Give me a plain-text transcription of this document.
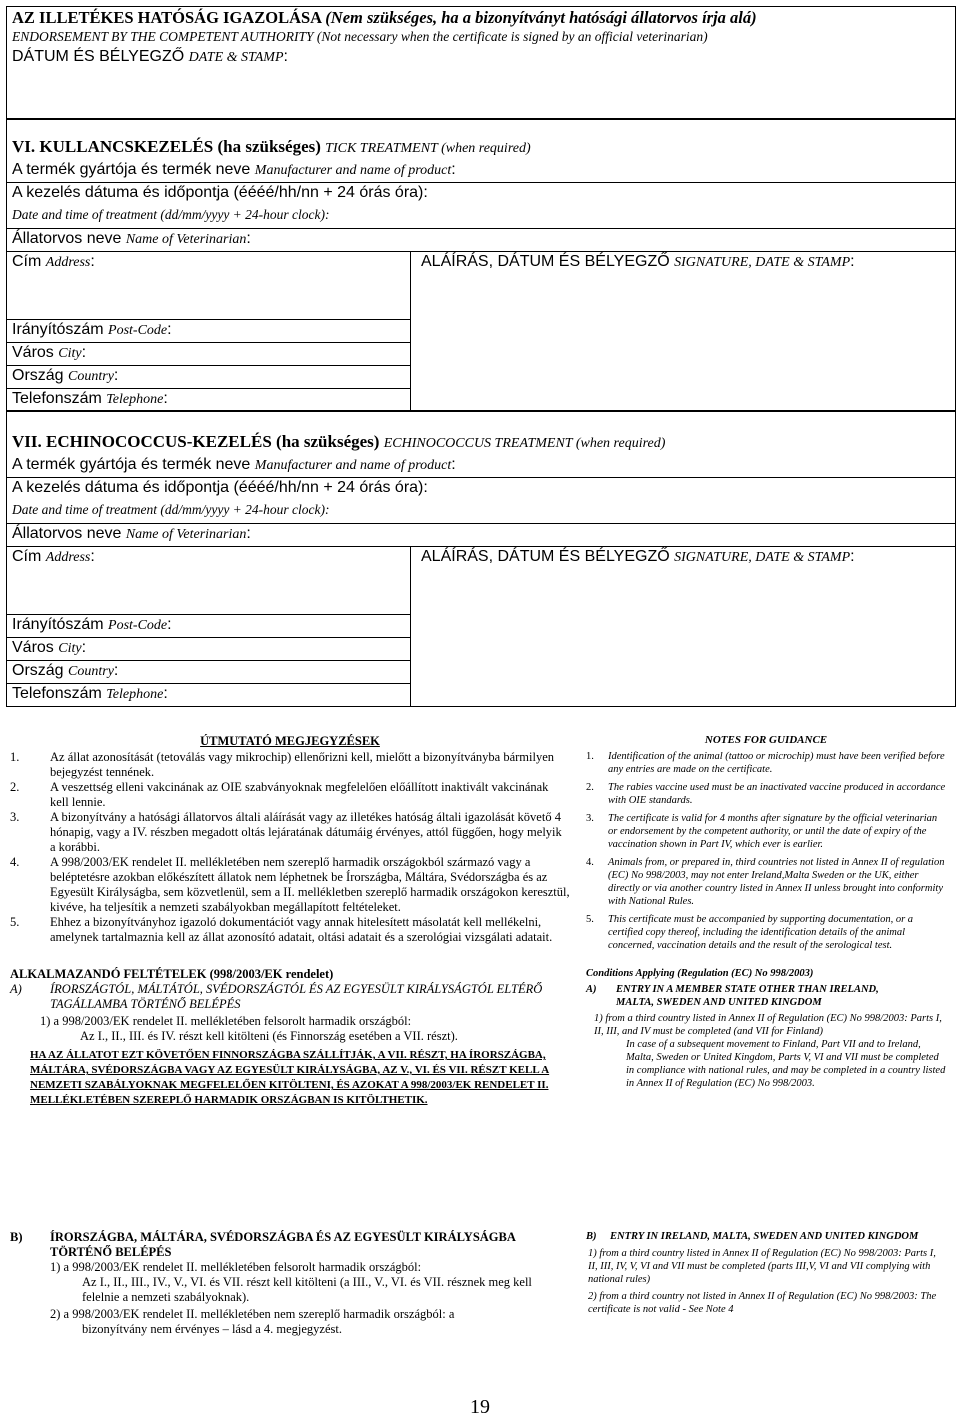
AZ ILLETÉKES HATÓSÁG IGAZOLÁSA (Nem szükséges, ha a bizonyítványt hatósági állatorvos írja alá)
ENDORSEMENT BY THE COMPETENT AUTHORITY (Not necessary when the certificate is signed by an official veterinarian)
DÁTUM ÉS BÉLYEGZŐ DATE & STAMP:
VI. KULLANCSKEZELÉS (ha szükséges) TICK TREATMENT (when required)
A termék gyártója és termék neve Manufacturer and name of product:
A kezelés dátuma és időpontja (éééé/hh/nn + 24 órás óra):
Date and time of treatment (dd/mm/yyyy + 24-hour clock):
Állatorvos neve Name of Veterinarian:
Cím Address:	ALÁÍRÁS, DÁTUM ÉS BÉLYEGZŐ SIGNATURE, DATE & STAMP:
Irányítószám Post-Code:
Város City:
Ország Country:
Telefonszám Telephone:
VII. ECHINOCOCCUS-KEZELÉS (ha szükséges) ECHINOCOCCUS TREATMENT (when required)
A termék gyártója és termék neve Manufacturer and name of product:
A kezelés dátuma és időpontja (éééé/hh/nn + 24 órás óra):
Date and time of treatment (dd/mm/yyyy + 24-hour clock):
Állatorvos neve Name of Veterinarian:
Cím Address:	ALÁÍRÁS, DÁTUM ÉS BÉLYEGZŐ SIGNATURE, DATE & STAMP:
Irányítószám Post-Code:
Város City:
Ország Country:
Telefonszám Telephone:
ÚTMUTATÓ MEGJEGYZÉSEK
1.	Az állat azonosítását (tetoválás vagy mikrochip) ellenőrizni kell, mielőtt a bizonyítványba bármilyen bejegyzést tennének.
2.	A veszettség elleni vakcinának az OIE szabványoknak megfelelően előállított inaktivált vakcinának kell lennie.
3.	A bizonyítvány a hatósági állatorvos általi aláírását vagy az illetékes hatóság általi igazolását követő 4 hónapig, vagy a IV. részben megadott oltás lejáratának dátumáig érvényes, attól függően, hogy melyik a korábbi.
4.	A 998/2003/EK rendelet II. mellékletében nem szereplő harmadik országokból származó vagy a beléptetésre azokban előkészített állatok nem léphetnek be Írországba, Máltára, Svédországba és az Egyesült Királyságba, sem közvetlenül, sem a II. mellékletben szereplő harmadik országokon keresztül, kivéve, ha teljesítik a nemzeti szabályokban megállapított feltételeket.
5.	Ehhez a bizonyítványhoz igazoló dokumentációt vagy annak hitelesített másolatát kell mellékelni, amelynek tartalmaznia kell az állat azonosító adatait, oltási adatait és a szerológiai vizsgálati adatait.
NOTES FOR GUIDANCE
1.	Identification of the animal (tattoo or microchip) must have been verified before any entries are made on the certificate.
2.	The rabies vaccine used must be an inactivated vaccine produced in accordance with OIE standards.
3.	The certificate is valid for 4 months after signature by the official veterinarian or endorsement by the competent authority, or until the date of expiry of the vaccination shown in Part IV, which ever is earlier.
4.	Animals from, or prepared in, third countries not listed in Annex II of regulation (EC) No 998/2003, may not enter Ireland,Malta Sweden or the UK, either directly or via another country listed in Annex II unless brought into conformity with National Rules.
5.	This certificate must be accompanied by supporting documentation, or a certified copy thereof, including the identification details of the animal concerned, vaccination details and the result of the serological test.
ALKALMAZANDÓ FELTÉTELEK (998/2003/EK rendelet)
A)	ÍRORSZÁGTÓL, MÁLTÁTÓL, SVÉDORSZÁGTÓL ÉS AZ EGYESÜLT KIRÁLYSÁGTÓL ELTÉRŐ TAGÁLLAMBA TÖRTÉNŐ BELÉPÉS
1) a 998/2003/EK rendelet II. mellékletében felsorolt harmadik országból:
Az I., II., III. és IV. részt kell kitölteni (és Finnország esetében a VII. részt).
HA AZ ÁLLATOT EZT KÖVETŐEN FINNORSZÁGBA SZÁLLÍTJÁK, A VII. RÉSZT, HA ÍRORSZÁGBA, MÁLTÁRA, SVÉDORSZÁGBA VAGY AZ EGYESÜLT KIRÁLYSÁGBA, AZ V., VI. ÉS VII. RÉSZT KELL A NEMZETI SZABÁLYOKNAK MEGFELELŐEN KITÖLTENI, ÉS AZOKAT A 998/2003/EK RENDELET II. MELLÉKLETÉBEN SZEREPLŐ HARMADIK ORSZÁGBAN IS KITÖLTHETIK.
Conditions Applying (Regulation (EC) No 998/2003)
A)	ENTRY IN A MEMBER STATE OTHER THAN IRELAND, MALTA, SWEDEN AND UNITED KINGDOM
1) from a third country listed in Annex II of Regulation (EC) No 998/2003: Parts I, II, III, and IV must be completed (and VII for Finland)
In case of a subsequent movement to Finland, Part VII and to Ireland, Malta, Sweden or United Kingdom, Parts V, VI and VII must be completed in compliance with national rules, and may be completed in a country listed in Annex II of Regulation (EC) No 998/2003.
B)	ÍRORSZÁGBA, MÁLTÁRA, SVÉDORSZÁGBA ÉS AZ EGYESÜLT KIRÁLYSÁGBA TÖRTÉNŐ BELÉPÉS
1) a 998/2003/EK rendelet II. mellékletében felsorolt harmadik országból:
Az I., II., III., IV., V., VI. és VII. részt kell kitölteni (a III., V., VI. és VII. résznek meg kell felelnie a nemzeti szabályoknak).
2) a 998/2003/EK rendelet II. mellékletében nem szereplő harmadik országból: a
bizonyítvány nem érvényes – lásd a 4. megjegyzést.
B)	ENTRY IN IRELAND, MALTA, SWEDEN AND UNITED KINGDOM
1) from a third country listed in Annex II of Regulation (EC) No 998/2003: Parts I, II, III, IV, V, VI and VII must be completed (parts III,V, VI and VII complying with national rules)
2) from a third country not listed in Annex II of Regulation (EC) No 998/2003: The certificate is not valid - See Note 4
19
